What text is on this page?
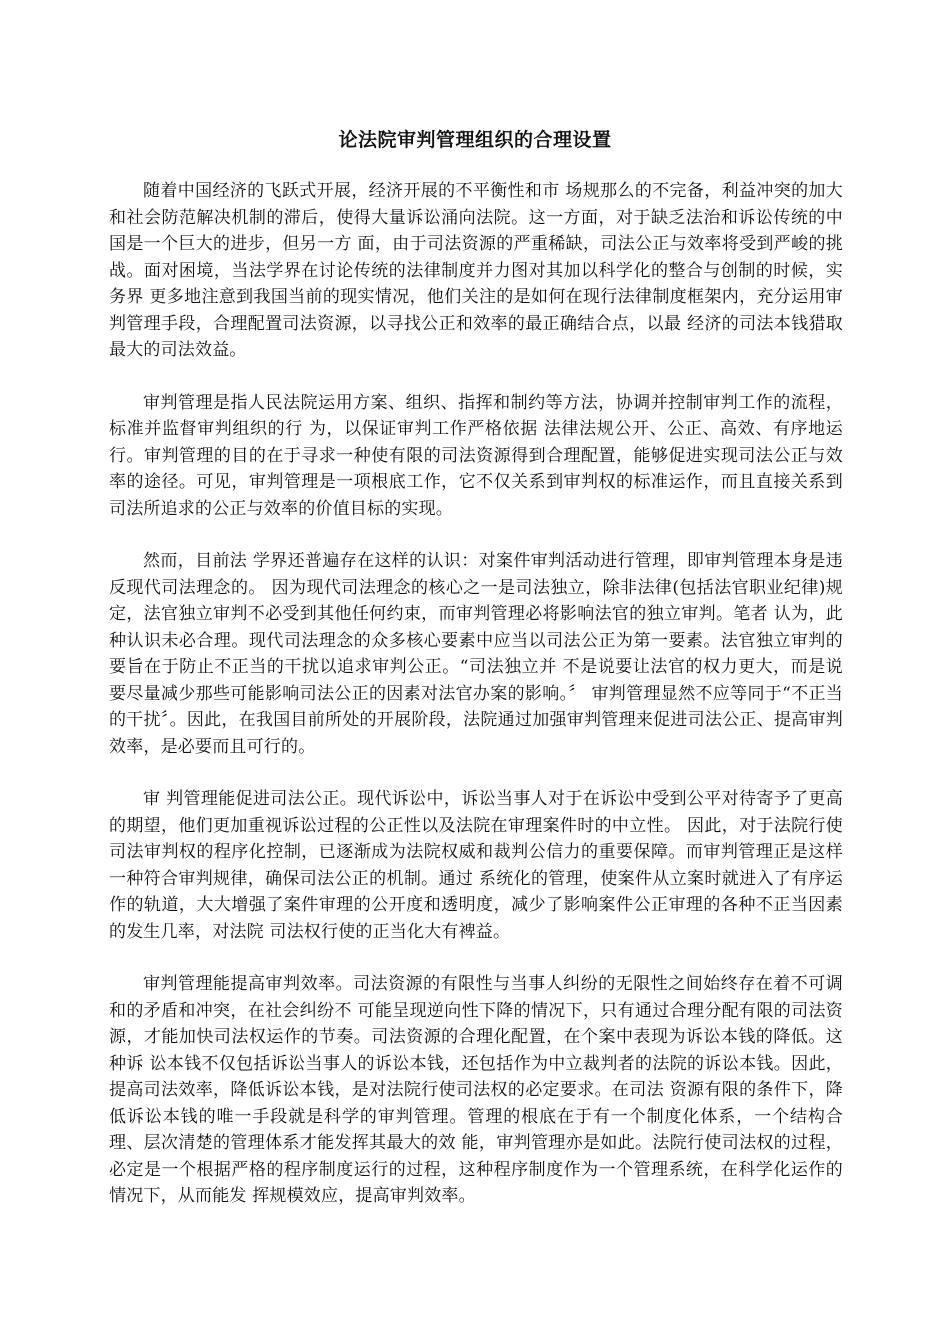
论法院审判管理组织的合理设置

随着中国经济的飞跃式开展，经济开展的不平衡性和市 场规那么的不完备，利益冲突的加大和社会防范解决机制的滞后，使得大量诉讼涌向法院。这一方面，对于缺乏法治和诉讼传统的中国是一个巨大的进步，但另一方 面，由于司法资源的严重稀缺，司法公正与效率将受到严峻的挑战。面对困境，当法学界在讨论传统的法律制度并力图对其加以科学化的整合与创制的时候，实务界 更多地注意到我国当前的现实情况，他们关注的是如何在现行法律制度框架内，充分运用审判管理手段，合理配置司法资源，以寻找公正和效率的最正确结合点，以最 经济的司法本钱猎取最大的司法效益。

审判管理是指人民法院运用方案、组织、指挥和制约等方法，协调并控制审判工作的流程，标准并监督审判组织的行 为，以保证审判工作严格依据 法律法规公开、公正、高效、有序地运行。审判管理的目的在于寻求一种使有限的司法资源得到合理配置，能够促进实现司法公正与效 率的途径。可见，审判管理是一项根底工作，它不仅关系到审判权的标准运作，而且直接关系到司法所追求的公正与效率的价值目标的实现。

然而，目前法 学界还普遍存在这样的认识：对案件审判活动进行管理，即审判管理本身是违反现代司法理念的。 因为现代司法理念的核心之一是司法独立，除非法律(包括法官职业纪律)规定，法官独立审判不必受到其他任何约束，而审判管理必将影响法官的独立审判。笔者 认为，此种认识未必合理。现代司法理念的众多核心要素中应当以司法公正为第一要素。法官独立审判的要旨在于防止不正当的干扰以追求审判公正。“司法独立并 不是说要让法官的权力更大，而是说要尽量减少那些可能影响司法公正的因素对法官办案的影响。〞 审判管理显然不应等同于“不正当的干扰〞。因此，在我国目前所处的开展阶段，法院通过加强审判管理来促进司法公正、提高审判效率，是必要而且可行的。

审 判管理能促进司法公正。现代诉讼中，诉讼当事人对于在诉讼中受到公平对待寄予了更高的期望，他们更加重视诉讼过程的公正性以及法院在审理案件时的中立性。 因此，对于法院行使司法审判权的程序化控制，已逐渐成为法院权威和裁判公信力的重要保障。而审判管理正是这样一种符合审判规律，确保司法公正的机制。通过 系统化的管理，使案件从立案时就进入了有序运作的轨道，大大增强了案件审理的公开度和透明度，减少了影响案件公正审理的各种不正当因素的发生几率，对法院 司法权行使的正当化大有裨益。

审判管理能提高审判效率。司法资源的有限性与当事人纠纷的无限性之间始终存在着不可调和的矛盾和冲突，在社会纠纷不 可能呈现逆向性下降的情况下，只有通过合理分配有限的司法资源，才能加快司法权运作的节奏。司法资源的合理化配置，在个案中表现为诉讼本钱的降低。这种诉 讼本钱不仅包括诉讼当事人的诉讼本钱，还包括作为中立裁判者的法院的诉讼本钱。因此，提高司法效率，降低诉讼本钱，是对法院行使司法权的必定要求。在司法 资源有限的条件下，降低诉讼本钱的唯一手段就是科学的审判管理。管理的根底在于有一个制度化体系，一个结构合理、层次清楚的管理体系才能发挥其最大的效 能，审判管理亦是如此。法院行使司法权的过程，必定是一个根据严格的程序制度运行的过程，这种程序制度作为一个管理系统，在科学化运作的情况下，从而能发 挥规模效应，提高审判效率。
